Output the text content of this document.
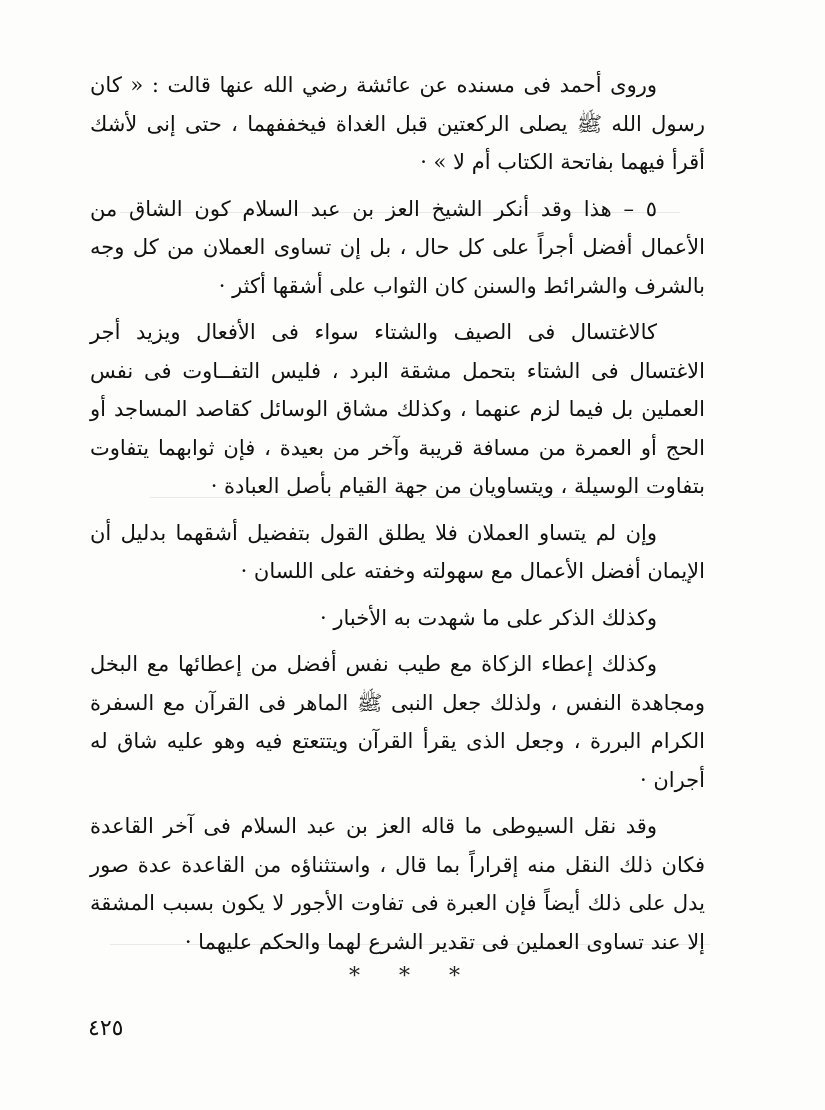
وروى أحمد فى مسنده عن عائشة رضي الله عنها قالت : « كان رسول الله ﷺ يصلى الركعتين قبل الغداة فيخففهما ، حتى إنى لأشك أقرأ فيهما بفاتحة الكتاب أم لا » ·

٥ – هذا وقد أنكر الشيخ العز بن عبد السلام كون الشاق من الأعمال أفضل أجراً على كل حال ، بل إن تساوى العملان من كل وجه بالشرف والشرائط والسنن كان الثواب على أشقها أكثر ·

كالاغتسال فى الصيف والشتاء سواء فى الأفعال ويزيد أجر الاغتسال فى الشتاء بتحمل مشقة البرد ، فليس التفــاوت فى نفس العملين بل فيما لزم عنهما ، وكذلك مشاق الوسائل كقاصد المساجد أو الحج أو العمرة من مسافة قريبة وآخر من بعيدة ، فإن ثوابهما يتفاوت بتفاوت الوسيلة ، ويتساويان من جهة القيام بأصل العبادة ·

وإن لم يتساو العملان فلا يطلق القول بتفضيل أشقهما بدليل أن الإيمان أفضل الأعمال مع سهولته وخفته على اللسان ·

وكذلك الذكر على ما شهدت به الأخبار ·

وكذلك إعطاء الزكاة مع طيب نفس أفضل من إعطائها مع البخل ومجاهدة النفس ، ولذلك جعل النبى ﷺ الماهر فى القرآن مع السفرة الكرام البررة ، وجعل الذى يقرأ القرآن ويتتعتع فيه وهو عليه شاق له أجران ·

وقد نقل السيوطى ما قاله العز بن عبد السلام فى آخر القاعدة فكان ذلك النقل منه إقراراً بما قال ، واستثناؤه من القاعدة عدة صور يدل على ذلك أيضاً فإن العبرة فى تفاوت الأجور لا يكون بسبب المشقة إلا عند تساوى العملين فى تقدير الشرع لهما والحكم عليهما ·

* * *
٤٢٥
